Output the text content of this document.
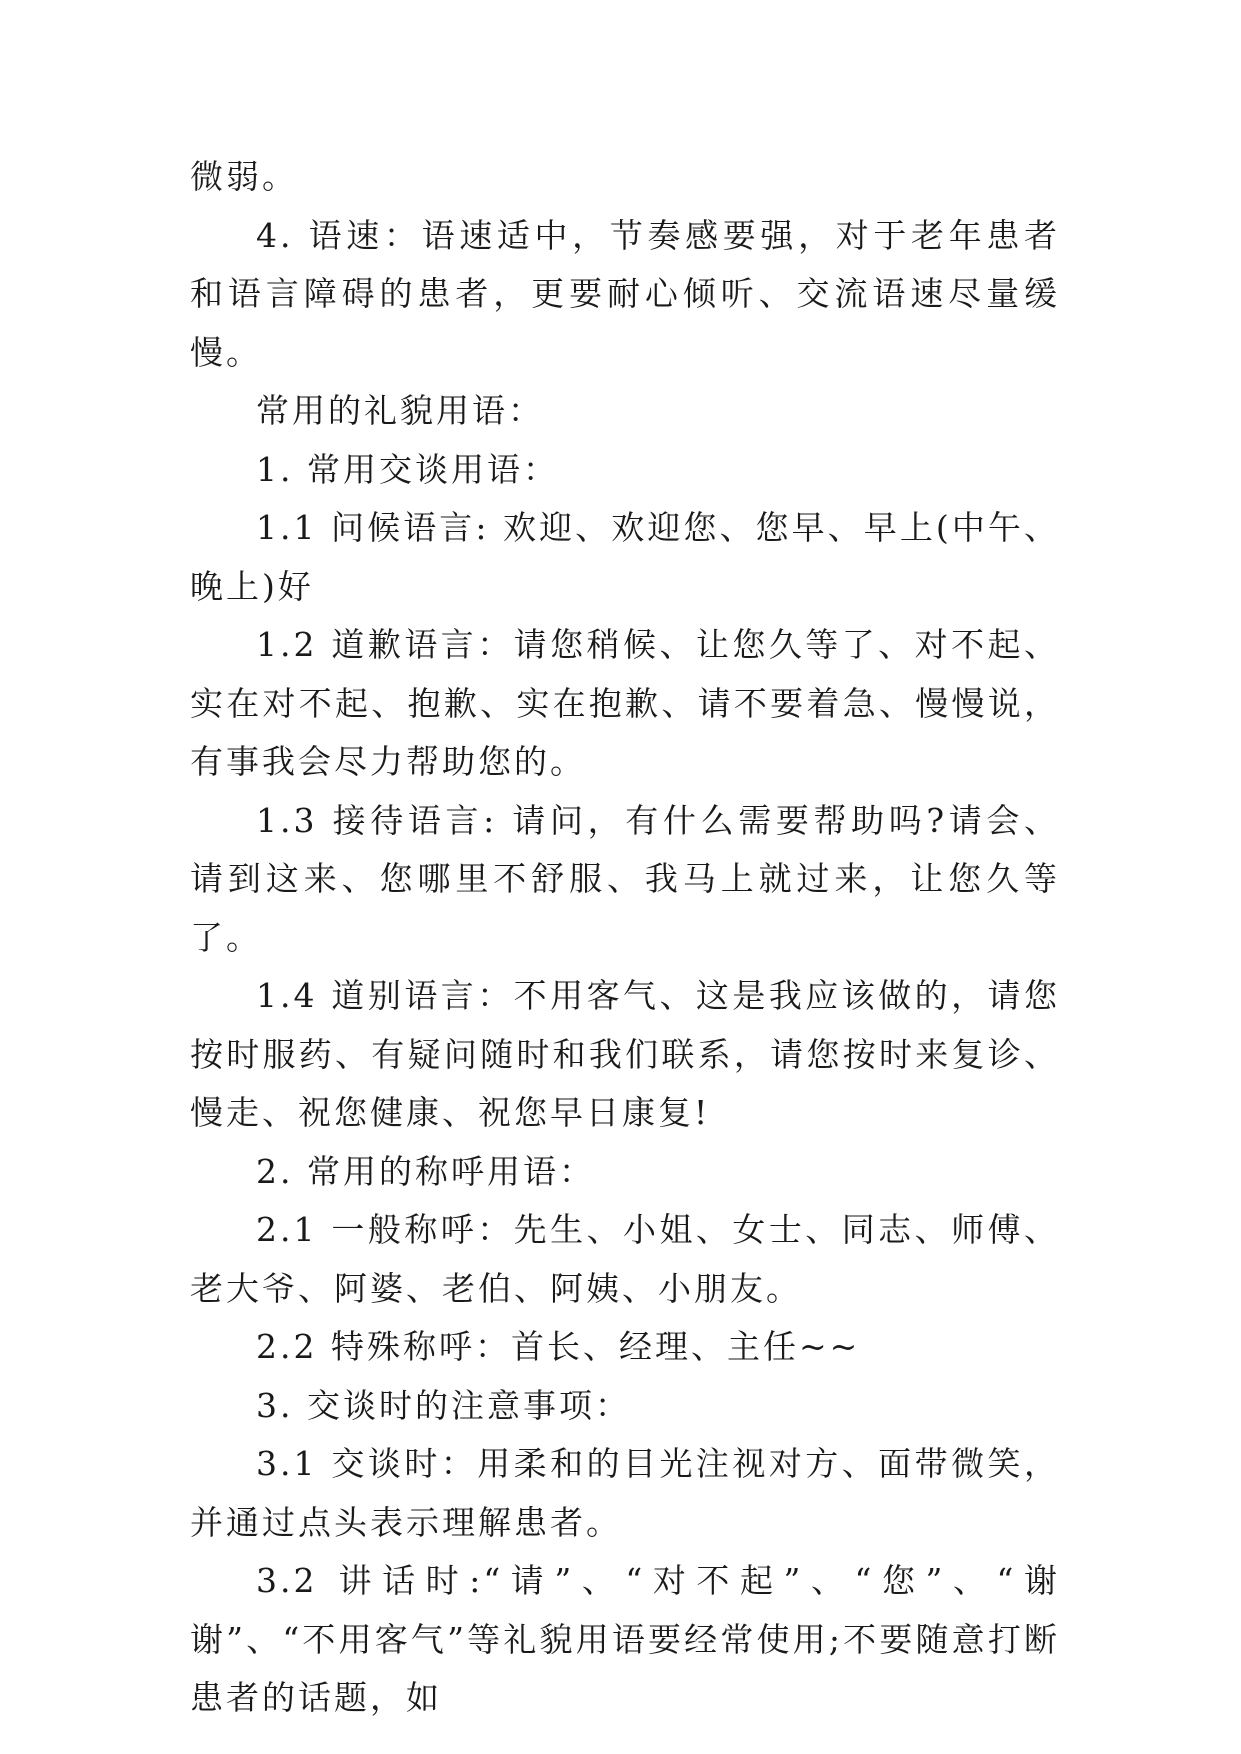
微弱。

4. 语速：语速适中，节奏感要强，对于老年患者和语言障碍的患者，更要耐心倾听、交流语速尽量缓慢。

常用的礼貌用语：

1. 常用交谈用语：

1.1 问候语言: 欢迎、欢迎您、您早、早上(中午、晚上)好

1.2 道歉语言：请您稍候、让您久等了、对不起、实在对不起、抱歉、实在抱歉、请不要着急、慢慢说，有事我会尽力帮助您的。

1.3 接待语言: 请问，有什么需要帮助吗?请会、请到这来、您哪里不舒服、我马上就过来，让您久等了。

1.4 道别语言：不用客气、这是我应该做的，请您按时服药、有疑问随时和我们联系，请您按时来复诊、慢走、祝您健康、祝您早日康复!

2. 常用的称呼用语：

2.1 一般称呼：先生、小姐、女士、同志、师傅、老大爷、阿婆、老伯、阿姨、小朋友。

2.2 特殊称呼：首长、经理、主任~~

3. 交谈时的注意事项：

3.1 交谈时：用柔和的目光注视对方、面带微笑，并通过点头表示理解患者。

3.2 讲话时:“请”、“对不起”、“您”、“谢谢”、“不用客气”等礼貌用语要经常使用;不要随意打断患者的话题，如
